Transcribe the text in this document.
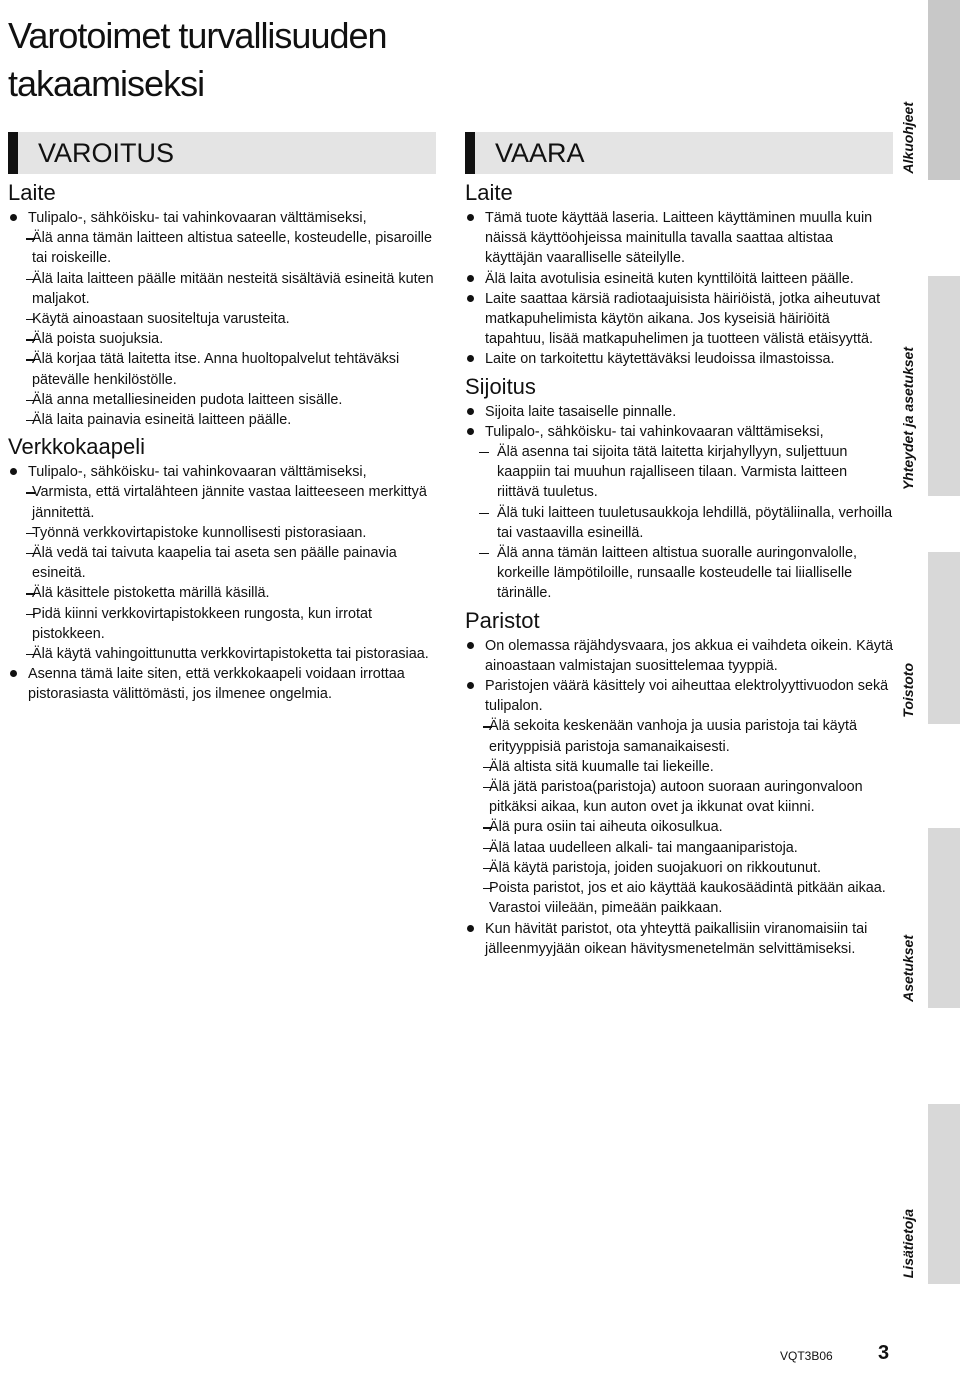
Varotoimet turvallisuuden takaamiseksi
VAROITUS
Laite
Tulipalo-, sähköisku- tai vahinkovaaran välttämiseksi,
Älä anna tämän laitteen altistua sateelle, kosteudelle, pisaroille tai roiskeille.
Älä laita laitteen päälle mitään nesteitä sisältäviä esineitä kuten maljakot.
Käytä ainoastaan suositeltuja varusteita.
Älä poista suojuksia.
Älä korjaa tätä laitetta itse. Anna huoltopalvelut tehtäväksi pätevälle henkilöstölle.
Älä anna metalliesineiden pudota laitteen sisälle.
Älä laita painavia esineitä laitteen päälle.
Verkkokaapeli
Tulipalo-, sähköisku- tai vahinkovaaran välttämiseksi,
Varmista, että virtalähteen jännite vastaa laitteeseen merkittyä jännitettä.
Työnnä verkkovirtapistoke kunnollisesti pistorasiaan.
Älä vedä tai taivuta kaapelia tai aseta sen päälle painavia esineitä.
Älä käsittele pistoketta märillä käsillä.
Pidä kiinni verkkovirtapistokkeen rungosta, kun irrotat pistokkeen.
Älä käytä vahingoittunutta verkkovirtapistoketta tai pistorasiaa.
Asenna tämä laite siten, että verkkokaapeli voidaan irrottaa pistorasiasta välittömästi, jos ilmenee ongelmia.
VAARA
Laite
Tämä tuote käyttää laseria. Laitteen käyttäminen muulla kuin näissä käyttöohjeissa mainitulla tavalla saattaa altistaa käyttäjän vaaralliselle säteilylle.
Älä laita avotulisia esineitä kuten kynttilöitä laitteen päälle.
Laite saattaa kärsiä radiotaajuisista häiriöistä, jotka aiheutuvat matkapuhelimista käytön aikana. Jos kyseisiä häiriöitä tapahtuu, lisää matkapuhelimen ja tuotteen välistä etäisyyttä.
Laite on tarkoitettu käytettäväksi leudoissa ilmastoissa.
Sijoitus
Sijoita laite tasaiselle pinnalle.
Tulipalo-, sähköisku- tai vahinkovaaran välttämiseksi,
Älä asenna tai sijoita tätä laitetta kirjahyllyyn, suljettuun kaappiin tai muuhun rajalliseen tilaan. Varmista laitteen riittävä tuuletus.
Älä tuki laitteen tuuletusaukkoja lehdillä, pöytäliinalla, verhoilla tai vastaavilla esineillä.
Älä anna tämän laitteen altistua suoralle auringonvalolle, korkeille lämpötiloille, runsaalle kosteudelle tai liialliselle tärinälle.
Paristot
On olemassa räjähdysvaara, jos akkua ei vaihdeta oikein. Käytä ainoastaan valmistajan suosittelemaa tyyppiä.
Paristojen väärä käsittely voi aiheuttaa elektrolyyttivuodon sekä tulipalon.
Älä sekoita keskenään vanhoja ja uusia paristoja tai käytä erityyppisiä paristoja samanaikaisesti.
Älä altista sitä kuumalle tai liekeille.
Älä jätä paristoa(paristoja) autoon suoraan auringonvaloon pitkäksi aikaa, kun auton ovet ja ikkunat ovat kiinni.
Älä pura osiin tai aiheuta oikosulkua.
Älä lataa uudelleen alkali- tai mangaaniparistoja.
Älä käytä paristoja, joiden suojakuori on rikkoutunut.
Poista paristot, jos et aio käyttää kaukosäädintä pitkään aikaa. Varastoi viileään, pimeään paikkaan.
Kun hävität paristot, ota yhteyttä paikallisiin viranomaisiin tai jälleenmyyjään oikean hävitysmenetelmän selvittämiseksi.
Alkuohjeet
Yhteydet ja asetukset
Toistoto
Asetukset
Lisätietoja
VQT3B06 3
